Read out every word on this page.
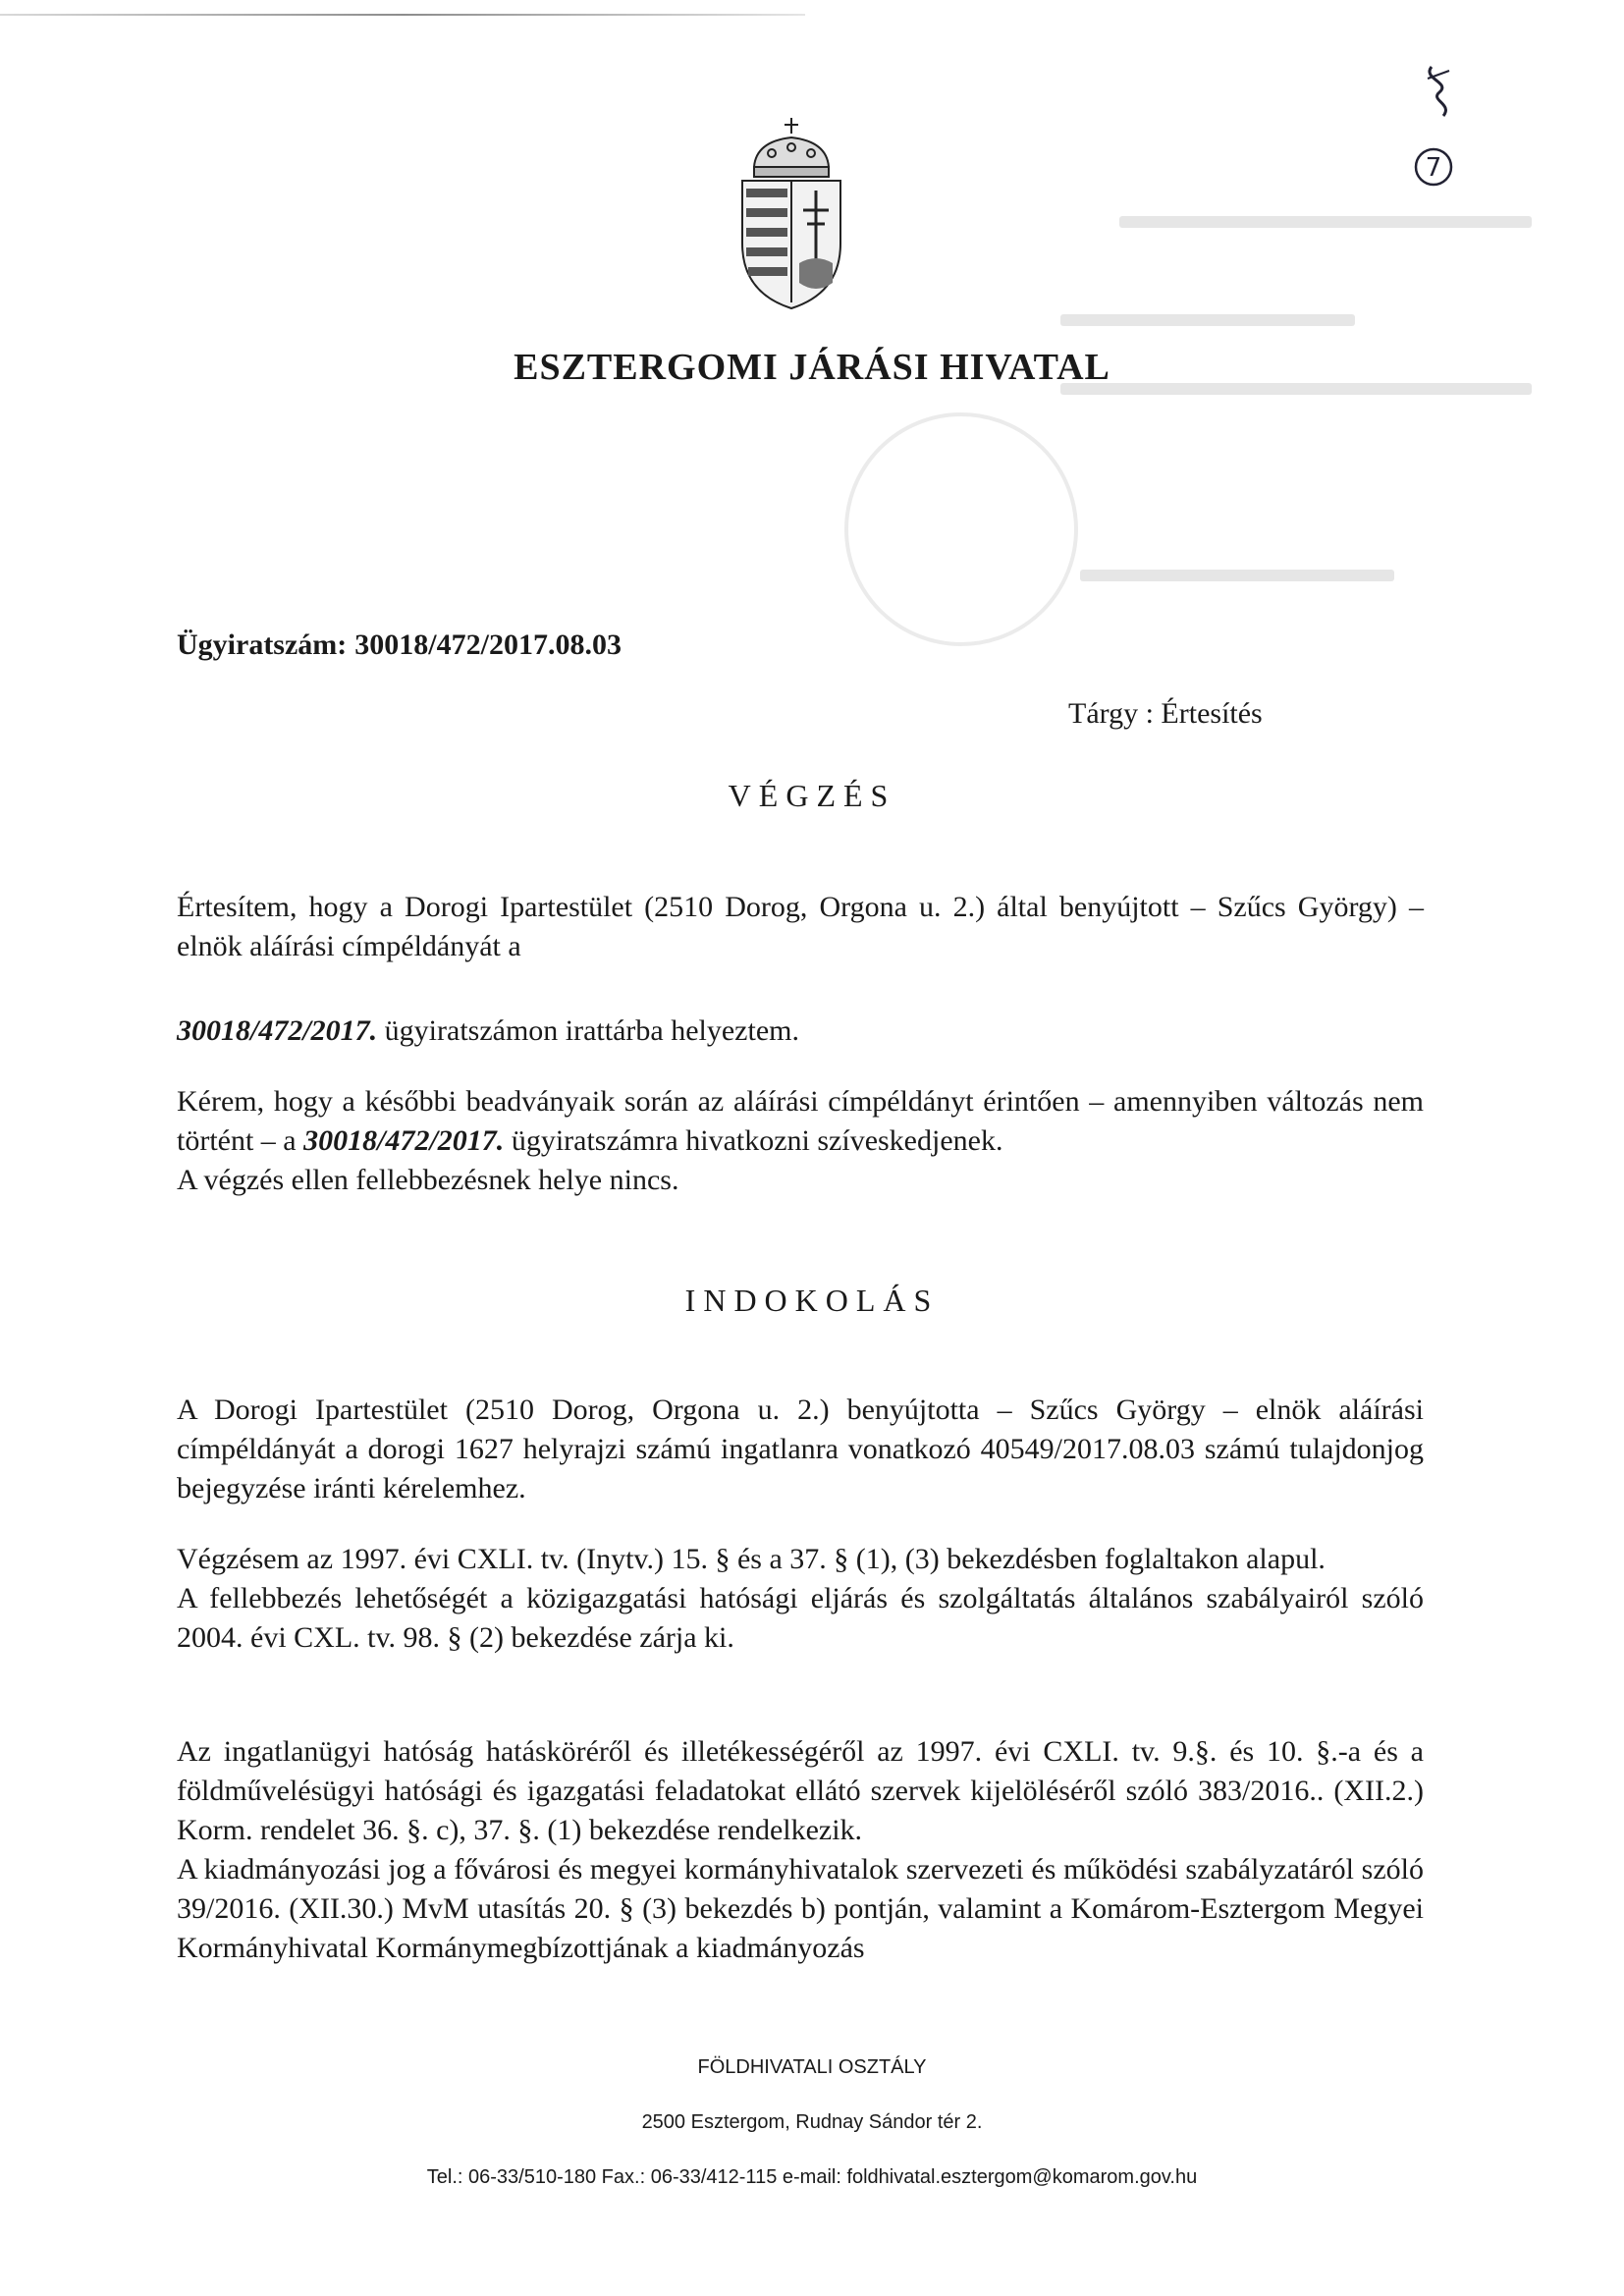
7
ESZTERGOMI JÁRÁSI HIVATAL
Ügyiratszám: 30018/472/2017.08.03
Tárgy : Értesítés
VÉGZÉS

Értesítem, hogy a Dorogi Ipartestület (2510 Dorog, Orgona u. 2.) által benyújtott – Szűcs György) – elnök aláírási címpéldányát a

30018/472/2017. ügyiratszámon irattárba helyeztem.

Kérem, hogy a későbbi beadványaik során az aláírási címpéldányt érintően – amennyiben változás nem történt – a 30018/472/2017. ügyiratszámra hivatkozni szíveskedjenek.

A végzés ellen fellebbezésnek helye nincs.

INDOKOLÁS

A Dorogi Ipartestület (2510 Dorog, Orgona u. 2.) benyújtotta – Szűcs György – elnök aláírási címpéldányát a dorogi 1627 helyrajzi számú ingatlanra vonatkozó 40549/2017.08.03 számú tulajdonjog bejegyzése iránti kérelemhez.

Végzésem az 1997. évi CXLI. tv. (Inytv.) 15. § és a 37. § (1), (3) bekezdésben foglaltakon alapul.

A fellebbezés lehetőségét a közigazgatási hatósági eljárás és szolgáltatás általános szabályairól szóló 2004. évi CXL. tv. 98. § (2) bekezdése zárja ki.

Az ingatlanügyi hatóság hatásköréről és illetékességéről az 1997. évi CXLI. tv. 9.§. és 10. §.-a és a földművelésügyi hatósági és igazgatási feladatokat ellátó szervek kijelöléséről szóló 383/2016.. (XII.2.) Korm. rendelet 36. §. c), 37. §. (1) bekezdése rendelkezik.

A kiadmányozási jog a fővárosi és megyei kormányhivatalok szervezeti és működési szabályzatáról szóló 39/2016. (XII.30.) MvM utasítás 20. § (3) bekezdés b) pontján, valamint a Komárom-Esztergom Megyei Kormányhivatal Kormánymegbízottjának a kiadmányozás

FÖLDHIVATALI OSZTÁLY
2500 Esztergom, Rudnay Sándor tér 2.
Tel.: 06-33/510-180 Fax.: 06-33/412-115 e-mail: foldhivatal.esztergom@komarom.gov.hu
